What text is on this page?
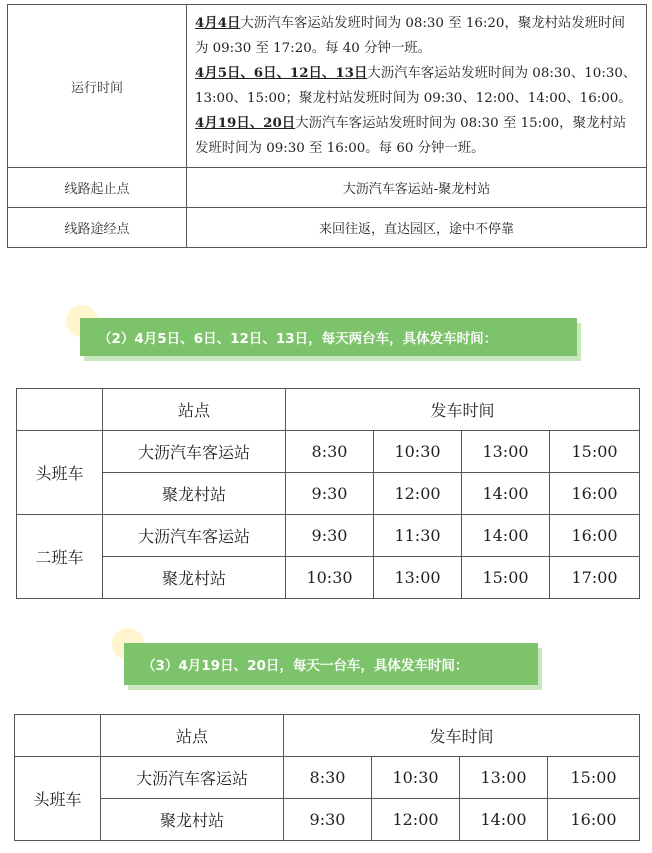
运行时间	4月4日大沥汽车客运站发班时间为 08:30 至 16:20，聚龙村站发班时间为 09:30 至 17:20。每 40 分钟一班。
4月5日、6日、12日、13日大沥汽车客运站发班时间为 08:30、10:30、13:00、15:00；聚龙村站发班时间为 09:30、12:00、14:00、16:00。
4月19日、20日大沥汽车客运站发班时间为 08:30 至 15:00，聚龙村站发班时间为 09:30 至 16:00。每 60 分钟一班。

线路起止点	大沥汽车客运站-聚龙村站
线路途经点	来回往返，直达园区，途中不停靠
（2）4月5日、6日、12日、13日，每天两台车，具体发车时间：
	站点	发车时间			
头班车	大沥汽车客运站	8:30	10:30	13:00	15:00
	聚龙村站	9:30	12:00	14:00	16:00
二班车	大沥汽车客运站	9:30	11:30	14:00	16:00
	聚龙村站	10:30	13:00	15:00	17:00
（3）4月19日、20日，每天一台车，具体发车时间：
	站点	发车时间			
头班车	大沥汽车客运站	8:30	10:30	13:00	15:00
	聚龙村站	9:30	12:00	14:00	16:00
